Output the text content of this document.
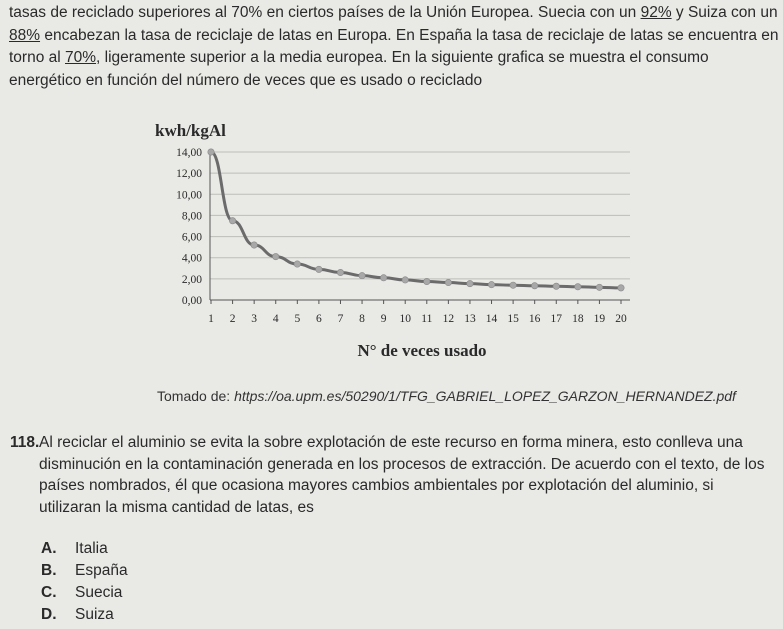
tasas de reciclado superiores al 70% en ciertos países de la Unión Europea. Suecia con un 92% y Suiza con un 88% encabezan la tasa de reciclaje de latas en Europa. En España la tasa de reciclaje de latas se encuentra en torno al 70%, ligeramente superior a la media europea. En la siguiente grafica se muestra el consumo energético en función del número de veces que es usado o reciclado

kwh/kgAl
0,00
2,00
4,00
6,00
8,00
10,00
12,00
14,00
1 2 3 4 5 6 7 8 9 10 11 12 13 14 15 16 17 18 19 20
N° de veces usado
Tomado de: https://oa.upm.es/50290/1/TFG_GABRIEL_LOPEZ_GARZON_HERNANDEZ.pdf
118. Al reciclar el aluminio se evita la sobre explotación de este recurso en forma minera, esto conlleva una disminución en la contaminación generada en los procesos de extracción. De acuerdo con el texto, de los países nombrados, él que ocasiona mayores cambios ambientales por explotación del aluminio, si utilizaran la misma cantidad de latas, es
A.	Italia
B.	España
C.	Suecia
D.	Suiza
